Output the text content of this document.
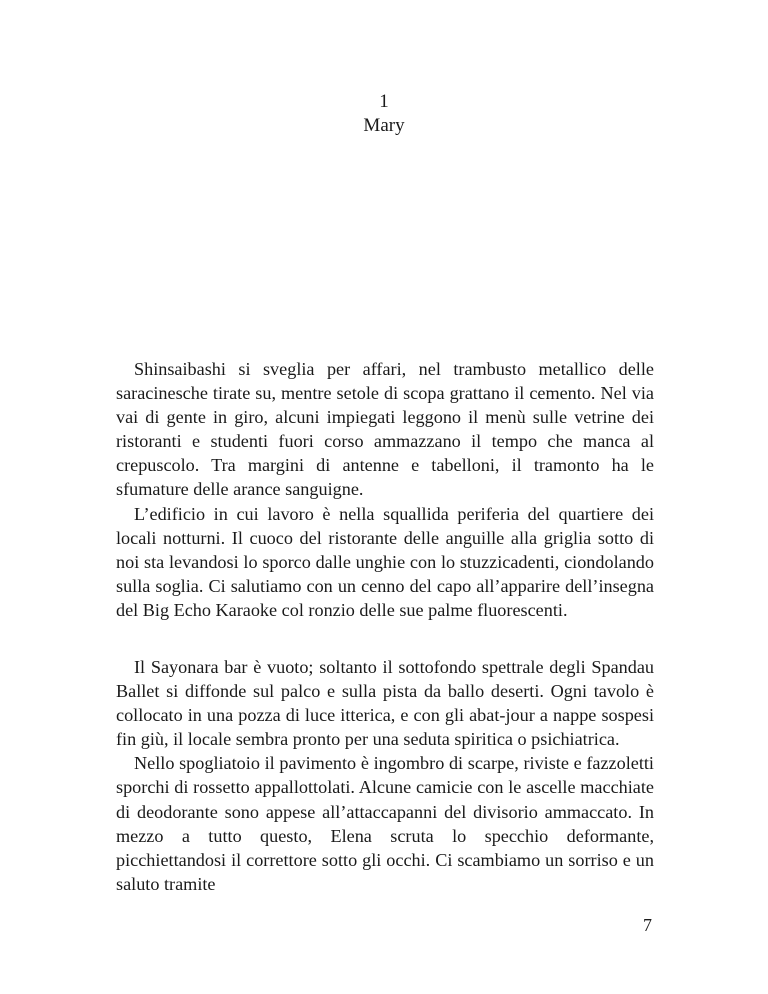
1
Mary

Shinsaibashi si sveglia per affari, nel trambusto metallico delle saracinesche tirate su, mentre setole di scopa grattano il cemento. Nel via vai di gente in giro, alcuni impiegati leggono il menù sulle vetrine dei ristoranti e studenti fuori corso ammazzano il tempo che manca al crepuscolo. Tra margini di antenne e tabelloni, il tramonto ha le sfumature delle arance sanguigne.

L’edificio in cui lavoro è nella squallida periferia del quartiere dei locali notturni. Il cuoco del ristorante delle anguille alla griglia sotto di noi sta levandosi lo sporco dalle unghie con lo stuzzicadenti, ciondolando sulla soglia. Ci salutiamo con un cenno del capo all’apparire dell’insegna del Big Echo Karaoke col ronzio delle sue palme fluorescenti.

Il Sayonara bar è vuoto; soltanto il sottofondo spettrale degli Spandau Ballet si diffonde sul palco e sulla pista da ballo deserti. Ogni tavolo è collocato in una pozza di luce itterica, e con gli abat-jour a nappe sospesi fin giù, il locale sembra pronto per una seduta spiritica o psichiatrica.

Nello spogliatoio il pavimento è ingombro di scarpe, riviste e fazzoletti sporchi di rossetto appallottolati. Alcune camicie con le ascelle macchiate di deodorante sono appese all’attaccapanni del divisorio ammaccato. In mezzo a tutto questo, Elena scruta lo specchio deformante, picchiettandosi il correttore sotto gli occhi. Ci scambiamo un sorriso e un saluto tramite

7
